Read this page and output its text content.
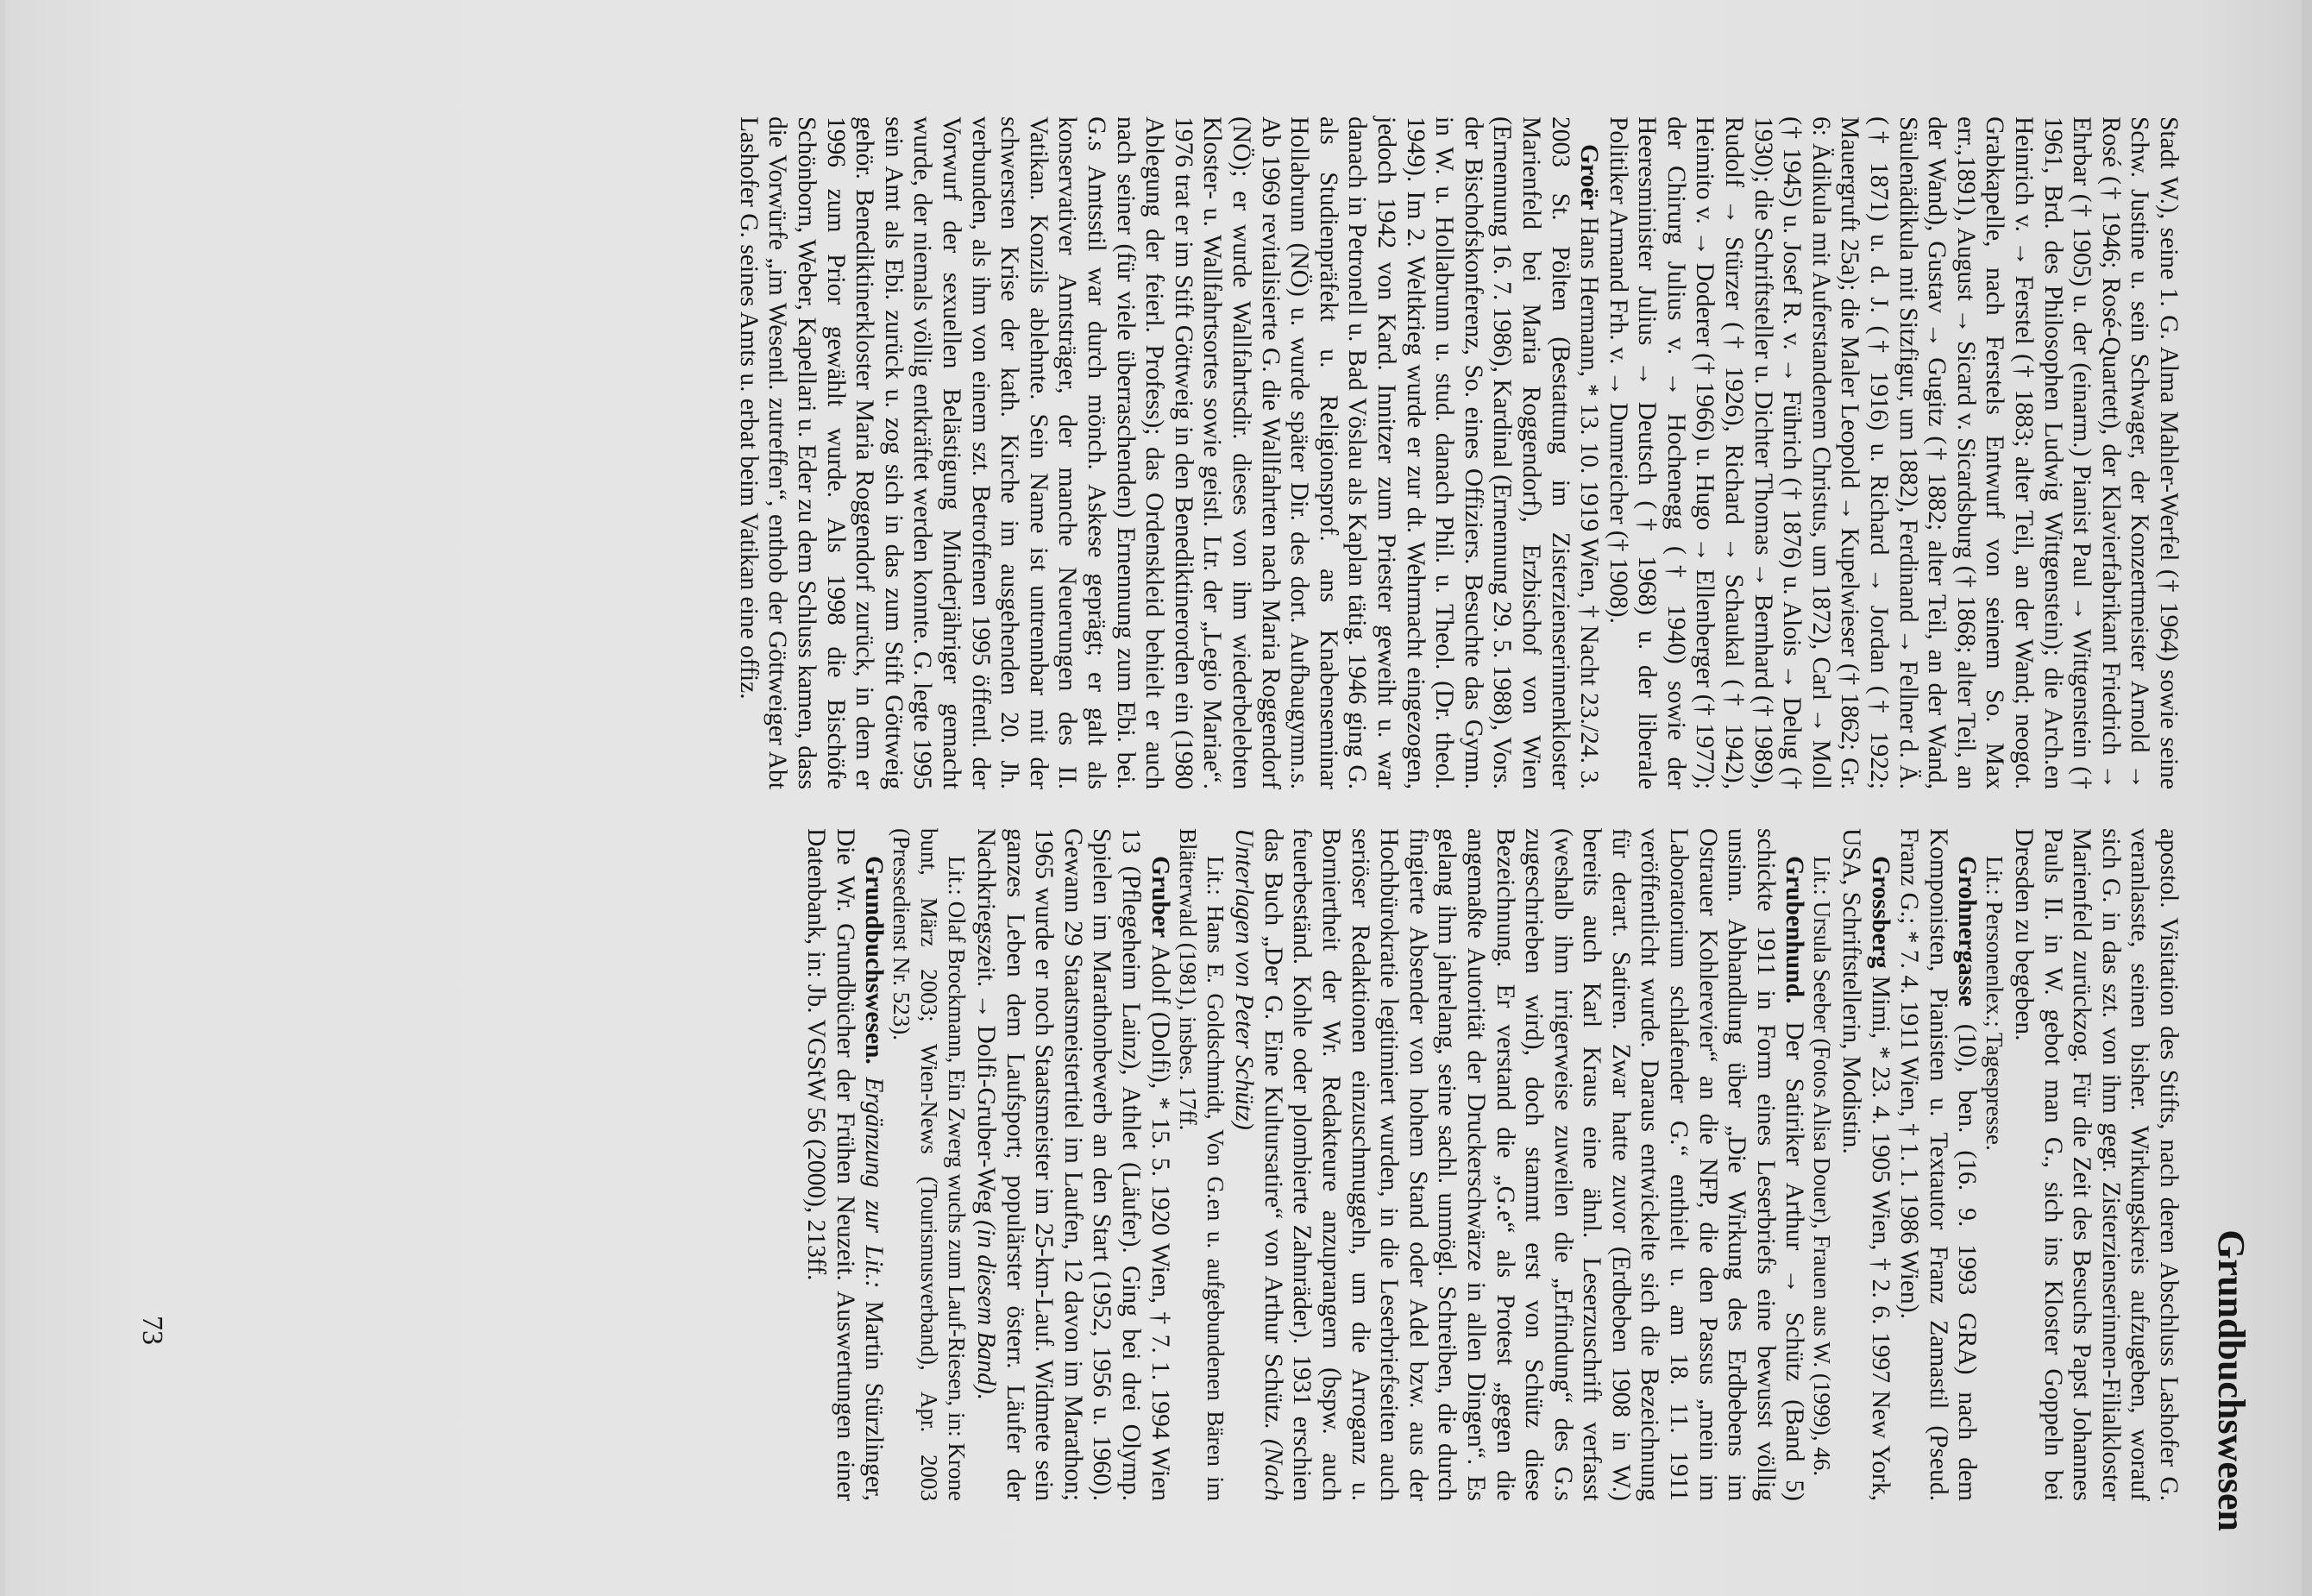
Grundbuchswesen

Stadt W.), seine 1. G. Alma Mahler-Werfel († 1964) sowie seine Schw. Justine u. sein Schwager, der Konzertmeister Arnold → Rosé († 1946; Rosé-Quartett), der Klavierfabrikant Friedrich → Ehrbar († 1905) u. der (einarm.) Pianist Paul → Wittgenstein († 1961, Brd. des Philosophen Ludwig Wittgenstein); die Arch.en Heinrich v. → Ferstel († 1883; alter Teil, an der Wand; neogot. Grabkapelle, nach Ferstels Entwurf von seinem So. Max err.,1891), August → Sicard v. Sicardsburg († 1868; alter Teil, an der Wand), Gustav → Gugitz († 1882; alter Teil, an der Wand, Säulenädikula mit Sitzfigur, um 1882), Ferdinand → Fellner d. Ä. († 1871) u. d. J. († 1916) u. Richard → Jordan († 1922; Mauergruft 25a); die Maler Leopold → Kupelwieser († 1862; Gr. 6: Ädikula mit Auferstandenem Christus, um 1872), Carl → Moll († 1945) u. Josef R. v. → Führich († 1876) u. Alois → Delug († 1930); die Schriftsteller u. Dichter Thomas → Bernhard († 1989), Rudolf → Stürzer († 1926), Richard → Schaukal († 1942), Heimito v. → Doderer († 1966) u. Hugo → Ellenberger († 1977); der Chirurg Julius v. → Hochenegg († 1940) sowie der Heeresminister Julius → Deutsch († 1968) u. der liberale Politiker Armand Frh. v. → Dumreicher († 1908).

Groër Hans Hermann, * 13. 10. 1919 Wien, † Nacht 23./24. 3. 2003 St. Pölten (Bestattung im Zisterzienserinnenkloster Marienfeld bei Maria Roggendorf), Erzbischof von Wien (Ernennung 16. 7. 1986), Kardinal (Ernennung 29. 5. 1988), Vors. der Bischofskonferenz, So. eines Offiziers. Besuchte das Gymn. in W. u. Hollabrunn u. stud. danach Phil. u. Theol. (Dr. theol. 1949). Im 2. Weltkrieg wurde er zur dt. Wehrmacht eingezogen, jedoch 1942 von Kard. Innitzer zum Priester geweiht u. war danach in Petronell u. Bad Vöslau als Kaplan tätig. 1946 ging G. als Studienpräfekt u. Religionsprof. ans Knabenseminar Hollabrunn (NÖ) u. wurde später Dir. des dort. Aufbaugymn.s. Ab 1969 revitalisierte G. die Wallfahrten nach Maria Roggendorf (NÖ); er wurde Wallfahrtsdir. dieses von ihm wiederbelebten Kloster- u. Wallfahrtsortes sowie geistl. Ltr. der „Legio Mariae“. 1976 trat er im Stift Göttweig in den Benediktinerorden ein (1980 Ablegung der feierl. Profess); das Ordenskleid behielt er auch nach seiner (für viele überraschenden) Ernennung zum Ebi. bei. G.s Amtsstil war durch mönch. Askese geprägt; er galt als konservativer Amtsträger, der manche Neuerungen des II. Vatikan. Konzils ablehnte. Sein Name ist untrennbar mit der schwersten Krise der kath. Kirche im ausgehenden 20. Jh. verbunden, als ihm von einem szt. Betroffenen 1995 öffentl. der Vorwurf der sexuellen Belästigung Minderjähriger gemacht wurde, der niemals völlig entkräftet werden konnte. G. legte 1995 sein Amt als Ebi. zurück u. zog sich in das zum Stift Göttweig gehör. Benediktinerkloster Maria Roggendorf zurück, in dem er 1996 zum Prior gewählt wurde. Als 1998 die Bischöfe Schönborn, Weber, Kapellari u. Eder zu dem Schluss kamen, dass die Vorwürfe „im Wesentl. zutreffen“, enthob der Göttweiger Abt Lashofer G. seines Amts u. erbat beim Vatikan eine offiz.

apostol. Visitation des Stifts, nach deren Abschluss Lashofer G. veranlasste, seinen bisher. Wirkungskreis aufzugeben, worauf sich G. in das szt. von ihm gegr. Zisterzienserinnen-Filialkloster Marienfeld zurückzog. Für die Zeit des Besuchs Papst Johannes Pauls II. in W. gebot man G., sich ins Kloster Goppeln bei Dresden zu begeben.

Lit.: Personenlex.; Tagespresse.

Grohnergasse (10), ben. (16. 9. 1993 GRA) nach dem Komponisten, Pianisten u. Textautor Franz Zamastil (Pseud. Franz G.; * 7. 4. 1911 Wien, † 1. 1. 1986 Wien).

Grossberg Mimi, * 23. 4. 1905 Wien, † 2. 6. 1997 New York, USA, Schriftstellerin, Modistin.

Lit.: Ursula Seeber (Fotos Alisa Douer), Frauen aus W. (1999), 46.

Grubenhund. Der Satiriker Arthur → Schütz (Band 5) schickte 1911 in Form eines Leserbriefs eine bewusst völlig unsinn. Abhandlung über „Die Wirkung des Erdbebens im Ostrauer Kohlerevier“ an die NFP, die den Passus „mein im Laboratorium schlafender G.“ enthielt u. am 18. 11. 1911 veröffentlicht wurde. Daraus entwickelte sich die Bezeichnung für derart. Satiren. Zwar hatte zuvor (Erdbeben 1908 in W.) bereits auch Karl Kraus eine ähnl. Leserzuschrift verfasst (weshalb ihm irrigerweise zuweilen die „Erfindung“ des G.s zugeschrieben wird), doch stammt erst von Schütz diese Bezeichnung. Er verstand die „G.e“ als Protest „gegen die angemaßte Autorität der Druckerschwärze in allen Dingen“. Es gelang ihm jahrelang, seine sachl. unmögl. Schreiben, die durch fingierte Absender von hohem Stand oder Adel bzw. aus der Hochbürokratie legitimiert wurden, in die Leserbriefseiten auch seriöser Redaktionen einzuschmuggeln, um die Arroganz u. Borniertheit der Wr. Redakteure anzuprangern (bspw. auch feuerbeständ. Kohle oder plombierte Zahnräder). 1931 erschien das Buch „Der G. Eine Kultursatire“ von Arthur Schütz. (Nach Unterlagen von Peter Schütz)

Lit.: Hans E. Goldschmidt, Von G.en u. aufgebundenen Bären im Blätterwald (1981), insbes. 17ff.

Gruber Adolf (Dolfi), * 15. 5. 1920 Wien, † 7. 1. 1994 Wien 13 (Pflegeheim Lainz), Athlet (Läufer). Ging bei drei Olymp. Spielen im Marathonbewerb an den Start (1952, 1956 u. 1960). Gewann 29 Staatsmeistertitel im Laufen, 12 davon im Marathon; 1965 wurde er noch Staatsmeister im 25-km-Lauf. Widmete sein ganzes Leben dem Laufsport; populärster österr. Läufer der Nachkriegszeit. → Dolfi-Gruber-Weg (in diesem Band).

Lit.: Olaf Brockmann, Ein Zwerg wuchs zum Lauf-Riesen, in: Krone bunt, März 2003; Wien-News (Tourismusverband), Apr. 2003 (Pressedienst Nr. 523).

Grundbuchswesen. Ergänzung zur Lit.: Martin Stürzlinger, Die Wr. Grundbücher der Frühen Neuzeit. Auswertungen einer Datenbank, in: Jb. VGStW 56 (2000), 213ff.

73
